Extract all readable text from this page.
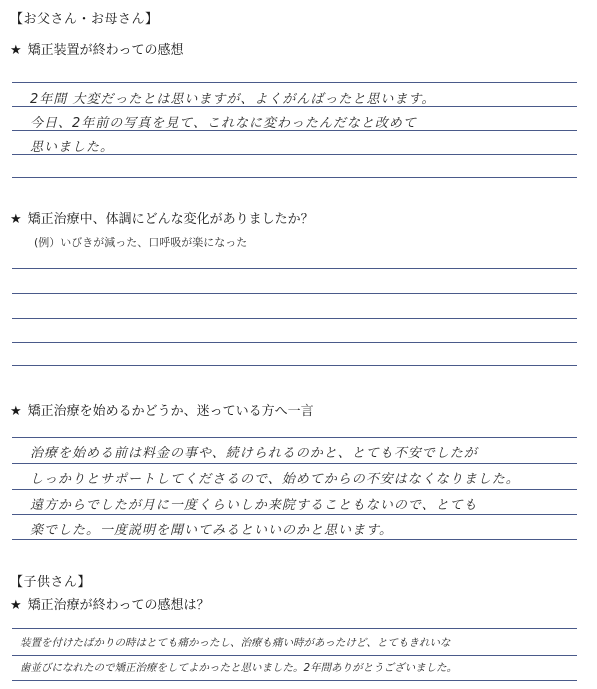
【お父さん・お母さん】
★ 矯正装置が終わっての感想
2年間 大変だったとは思いますが、よくがんばったと思います。
今日、2年前の写真を見て、これなに変わったんだなと改めて
思いました。
★ 矯正治療中、体調にどんな変化がありましたか？
(例）いびきが減った、口呼吸が楽になった
★ 矯正治療を始めるかどうか、迷っている方へ一言
治療を始める前は料金の事や、続けられるのかと、とても不安でしたが
しっかりとサポートしてくださるので、始めてからの不安はなくなりました。
遠方からでしたが月に一度くらいしか来院することもないので、とても
楽でした。一度説明を聞いてみるといいのかと思います。
【子供さん】
★ 矯正治療が終わっての感想は？
装置を付けたばかりの時はとても痛かったし、治療も痛い時があったけど、とてもきれいな
歯並びになれたので矯正治療をしてよかったと思いました。2年間ありがとうございました。
